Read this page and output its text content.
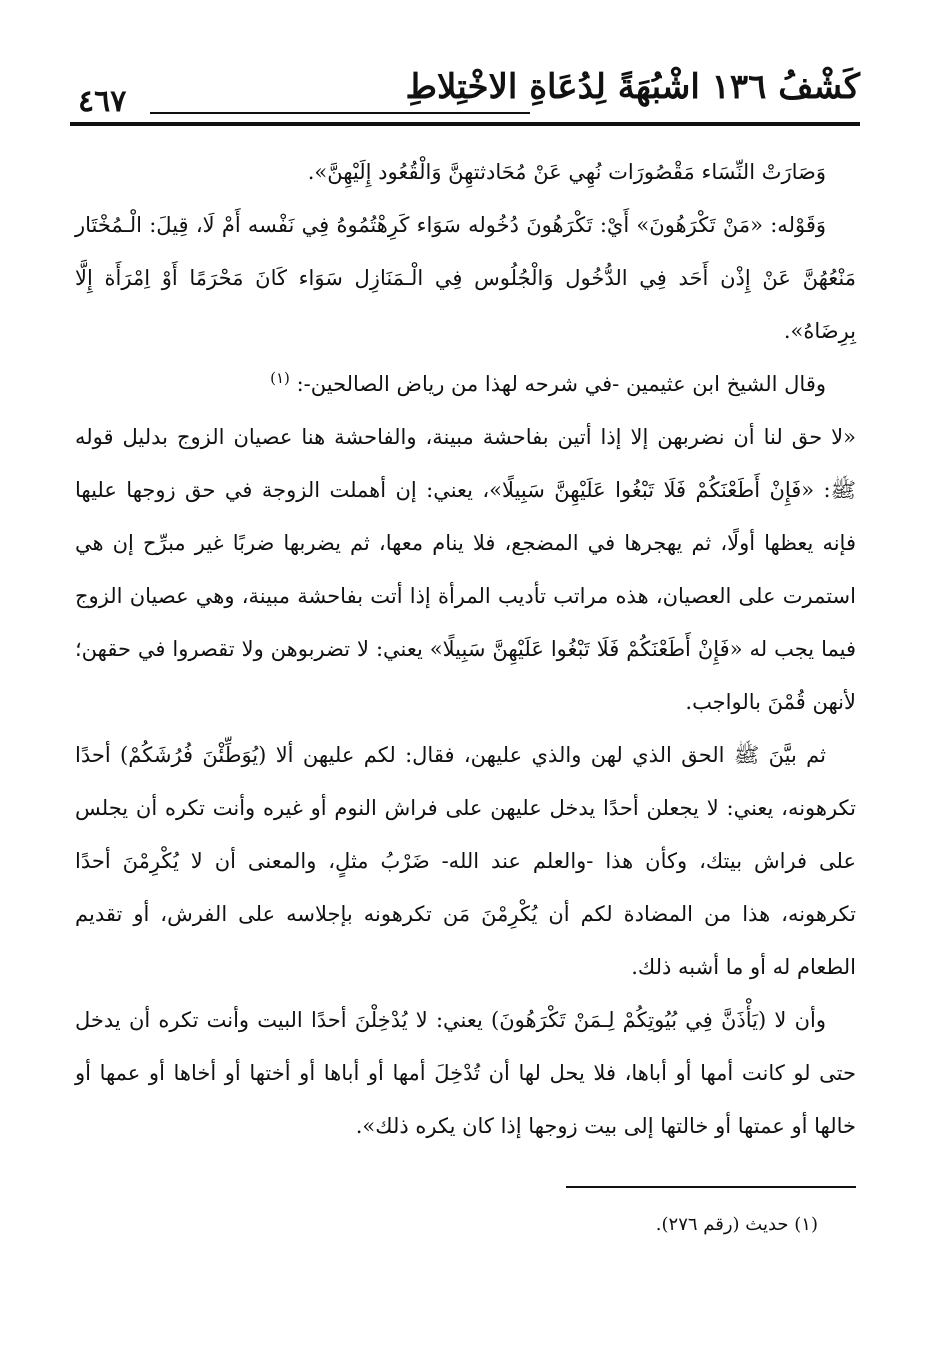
كَشْفُ ١٣٦ اشْبُهَةً لِدُعَاةِ الاخْتِلاطِ
٤٦٧

وَصَارَتْ النِّسَاء مَقْصُورَات نُهِي عَنْ مُحَادثتهِنَّ وَالْقُعُود إِلَيْهِنَّ».

وَقَوْله: «مَنْ تَكْرَهُونَ» أَيْ: تَكْرَهُونَ دُخُوله سَوَاء كَرِهْتُمُوهُ فِي نَفْسه أَمْ لَا، قِيلَ: الْـمُخْتَار مَنْعُهُنَّ عَنْ إِذْن أَحَد فِي الدُّخُول وَالْجُلُوس فِي الْـمَنَازِل سَوَاء كَانَ مَحْرَمًا أَوْ اِمْرَأَة إِلَّا بِرِضَاهُ».

وقال الشيخ ابن عثيمين -في شرحه لهذا من رياض الصالحين-: $^{(١)}$

«لا حق لنا أن نضربهن إلا إذا أتين بفاحشة مبينة، والفاحشة هنا عصيان الزوج بدليل قوله ﷺ: «فَإِنْ أَطَعْنَكُمْ فَلَا تَبْغُوا عَلَيْهِنَّ سَبِيلًا»، يعني: إن أهملت الزوجة في حق زوجها عليها فإنه يعظها أولًا، ثم يهجرها في المضجع، فلا ينام معها، ثم يضربها ضربًا غير مبرِّح إن هي استمرت على العصيان، هذه مراتب تأديب المرأة إذا أتت بفاحشة مبينة، وهي عصيان الزوج فيما يجب له «فَإِنْ أَطَعْنَكُمْ فَلَا تَبْغُوا عَلَيْهِنَّ سَبِيلًا» يعني: لا تضربوهن ولا تقصروا في حقهن؛ لأنهن قُمْنَ بالواجب.

ثم بيَّنَ ﷺ الحق الذي لهن والذي عليهن، فقال: لكم عليهن ألا (يُوَطِّئْنَ فُرُشَكُمْ) أحدًا تكرهونه، يعني: لا يجعلن أحدًا يدخل عليهن على فراش النوم أو غيره وأنت تكره أن يجلس على فراش بيتك، وكأن هذا -والعلم عند الله- ضَرْبُ مثلٍ، والمعنى أن لا يُكْرِمْنَ أحدًا تكرهونه، هذا من المضادة لكم أن يُكْرِمْنَ مَن تكرهونه بإجلاسه على الفرش، أو تقديم الطعام له أو ما أشبه ذلك.

وأن لا (يَأْذَنَّ فِي بُيُوتِكُمْ لِـمَنْ تَكْرَهُونَ) يعني: لا يُدْخِلْنَ أحدًا البيت وأنت تكره أن يدخل حتى لو كانت أمها أو أباها، فلا يحل لها أن تُدْخِلَ أمها أو أباها أو أختها أو أخاها أو عمها أو خالها أو عمتها أو خالتها إلى بيت زوجها إذا كان يكره ذلك».

(١) حديث (رقم ٢٧٦).
